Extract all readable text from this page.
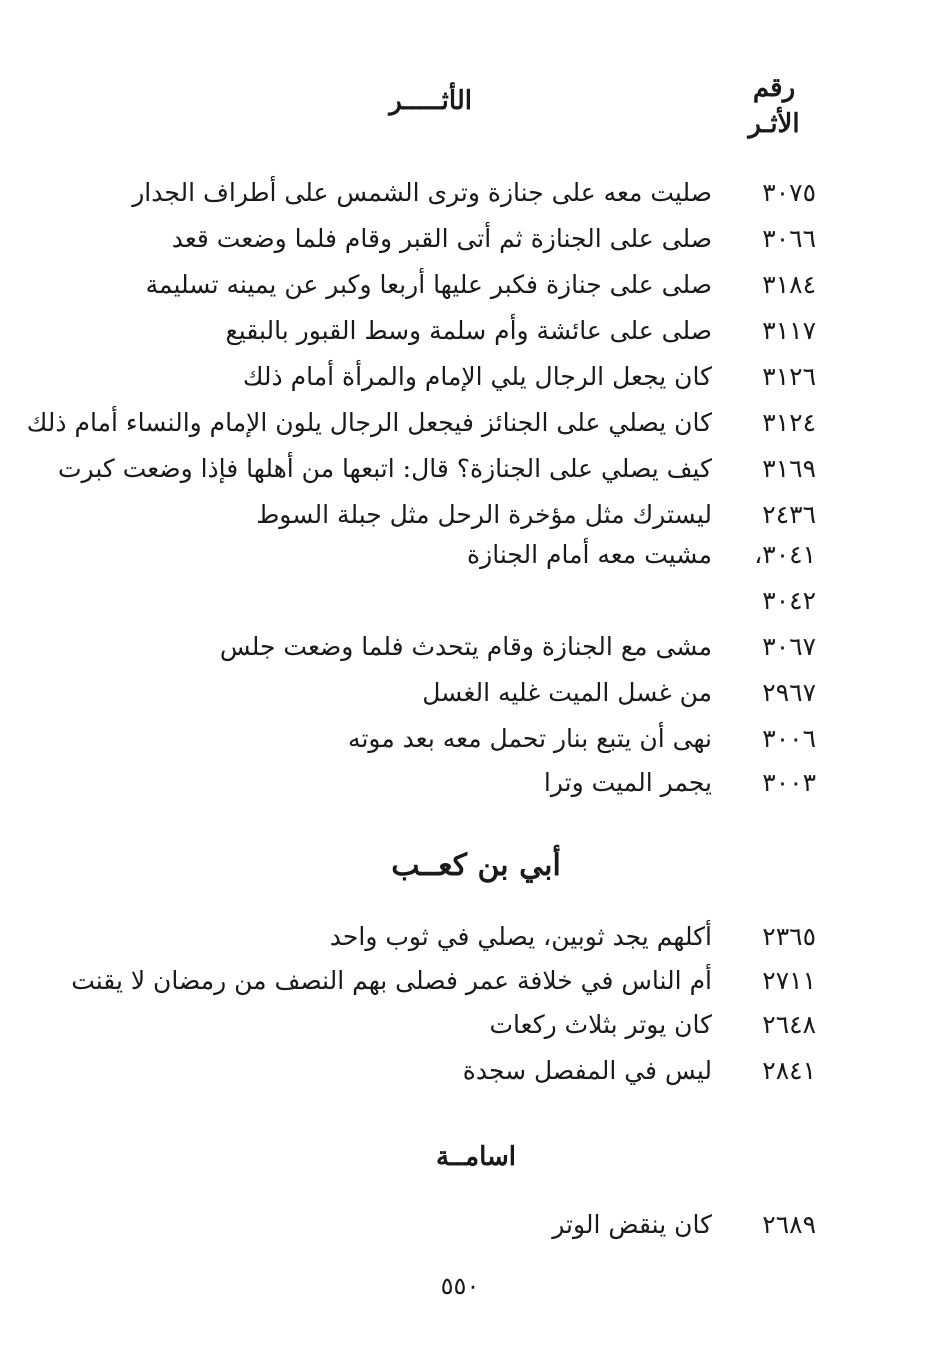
رقم الأثـر
الأثـــــر
٣٠٧٥
صليت معه على جنازة وترى الشمس على أطراف الجدار
٣٠٦٦
صلى على الجنازة ثم أتى القبر وقام فلما وضعت قعد
٣١٨٤
صلى على جنازة فكبر عليها أربعا وكبر عن يمينه تسليمة
٣١١٧
صلى على عائشة وأم سلمة وسط القبور بالبقيع
٣١٢٦
كان يجعل الرجال يلي الإمام والمرأة أمام ذلك
٣١٢٤
كان يصلي على الجنائز فيجعل الرجال يلون الإمام والنساء أمام ذلك
٣١٦٩
كيف يصلي على الجنازة؟ قال: اتبعها من أهلها فإذا وضعت كبرت
٢٤٣٦
ليسترك مثل مؤخرة الرحل مثل جبلة السوط
٣٠٤١،
مشيت معه أمام الجنازة
٣٠٤٢
٣٠٦٧
مشى مع الجنازة وقام يتحدث فلما وضعت جلس
٢٩٦٧
من غسل الميت غليه الغسل
٣٠٠٦
نهى أن يتبع بنار تحمل معه بعد موته
٣٠٠٣
يجمر الميت وترا
أبي بن كعــب
٢٣٦٥
أكلهم يجد ثوبين، يصلي في ثوب واحد
٢٧١١
أم الناس في خلافة عمر فصلى بهم النصف من رمضان لا يقنت
٢٦٤٨
كان يوتر بثلاث ركعات
٢٨٤١
ليس في المفصل سجدة
اسامــة
٢٦٨٩
كان ينقض الوتر
٥٥٠
